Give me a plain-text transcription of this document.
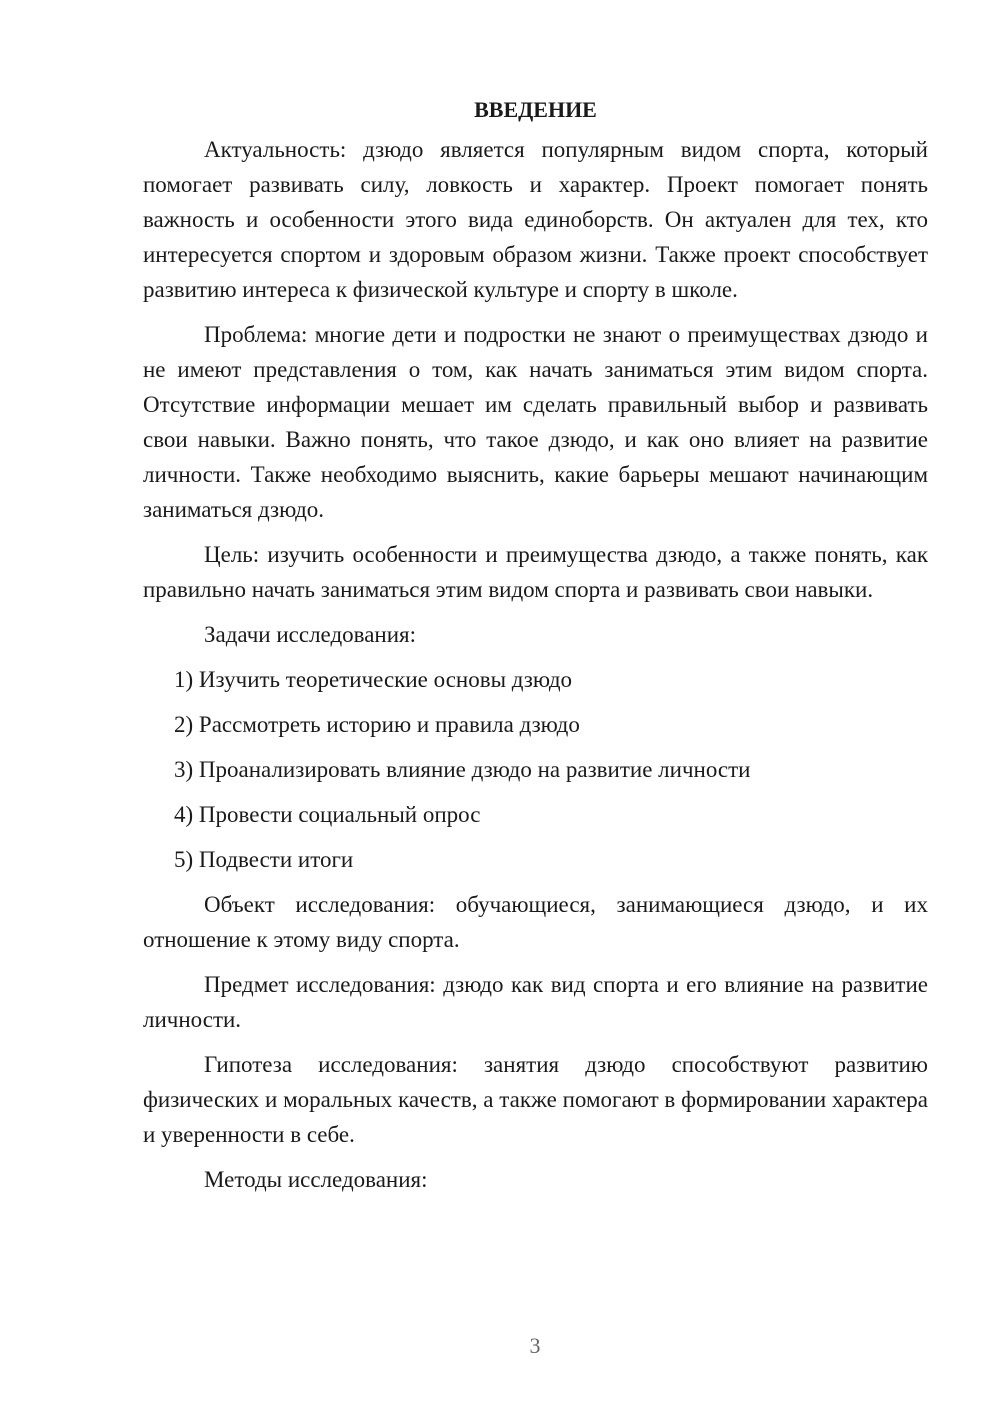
ВВЕДЕНИЕ

Актуальность: дзюдо является популярным видом спорта, который помогает развивать силу, ловкость и характер. Проект помогает понять важность и особенности этого вида единоборств. Он актуален для тех, кто интересуется спортом и здоровым образом жизни. Также проект способствует развитию интереса к физической культуре и спорту в школе.

Проблема: многие дети и подростки не знают о преимуществах дзюдо и не имеют представления о том, как начать заниматься этим видом спорта. Отсутствие информации мешает им сделать правильный выбор и развивать свои навыки. Важно понять, что такое дзюдо, и как оно влияет на развитие личности. Также необходимо выяснить, какие барьеры мешают начинающим заниматься дзюдо.

Цель: изучить особенности и преимущества дзюдо, а также понять, как правильно начать заниматься этим видом спорта и развивать свои навыки.

Задачи исследования:

1) Изучить теоретические основы дзюдо
2) Рассмотреть историю и правила дзюдо
3) Проанализировать влияние дзюдо на развитие личности
4) Провести социальный опрос
5) Подвести итоги

Объект исследования: обучающиеся, занимающиеся дзюдо, и их отношение к этому виду спорта.

Предмет исследования: дзюдо как вид спорта и его влияние на развитие личности.

Гипотеза исследования: занятия дзюдо способствуют развитию физических и моральных качеств, а также помогают в формировании характера и уверенности в себе.

Методы исследования:

3
